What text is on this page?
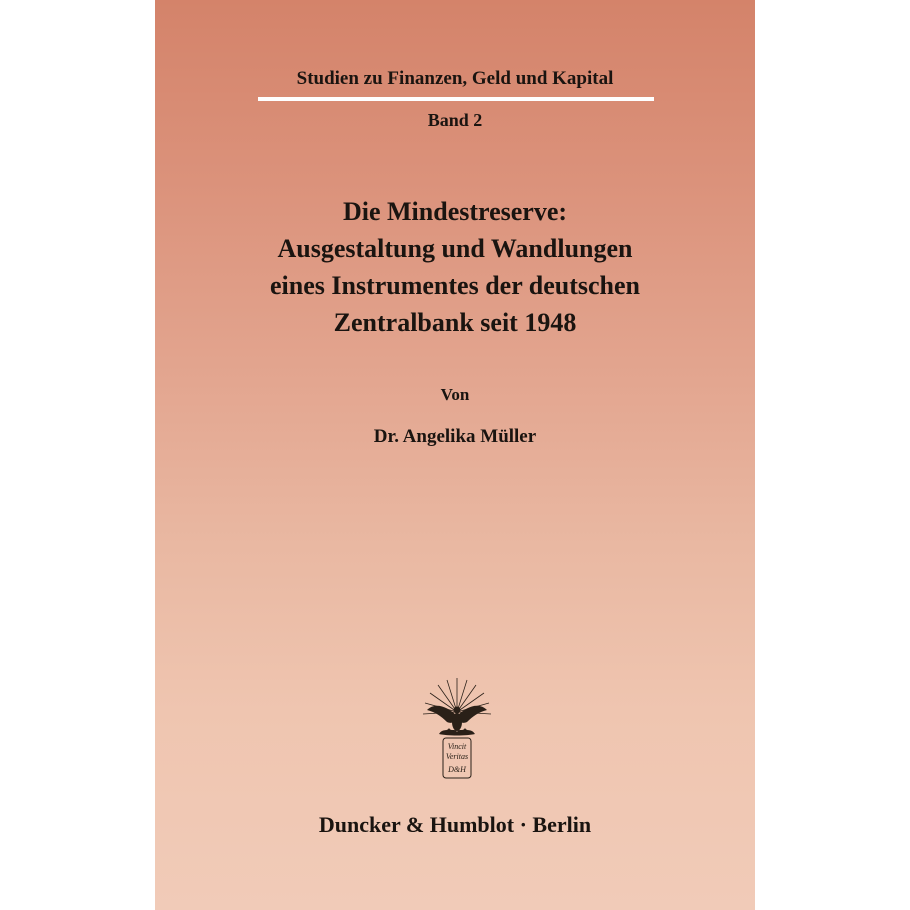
Studien zu Finanzen, Geld und Kapital
Band 2
Die Mindestreserve:
Ausgestaltung und Wandlungen
eines Instrumentes der deutschen
Zentralbank seit 1948
Von
Dr. Angelika Müller
Vincit
Veritas
D&H
Duncker & Humblot · Berlin
